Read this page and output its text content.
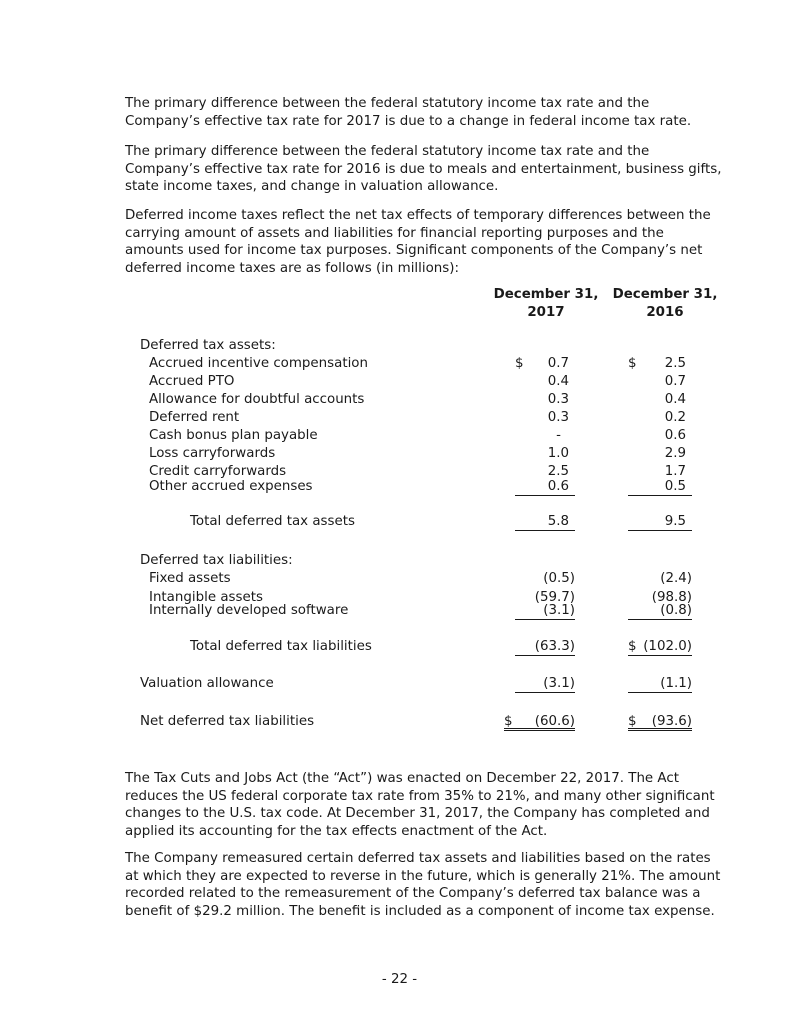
The primary difference between the federal statutory income tax rate and the Company’s effective tax rate for 2017 is due to a change in federal income tax rate.

The primary difference between the federal statutory income tax rate and the Company’s effective tax rate for 2016 is due to meals and entertainment, business gifts, state income taxes, and change in valuation allowance.

Deferred income taxes reflect the net tax effects of temporary differences between the carrying amount of assets and liabilities for financial reporting purposes and the amounts used for income tax purposes. Significant components of the Company’s net deferred income taxes are as follows (in millions):

December 31,
2017
December 31,
2016
Deferred tax assets:
Accrued incentive compensation	$ 0.7	$ 2.5
Accrued PTO	0.4	0.7
Allowance for doubtful accounts	0.3	0.4
Deferred rent	0.3	0.2
Cash bonus plan payable	-	0.6
Loss carryforwards	1.0	2.9
Credit carryforwards	2.5	1.7
Other accrued expenses	0.6	0.5
Total deferred tax assets	5.8	9.5
Deferred tax liabilities:
Fixed assets	(0.5)	(2.4)
Intangible assets	(59.7)	(98.8)
Internally developed software	(3.1)	(0.8)
Total deferred tax liabilities	(63.3)	$ (102.0)
Valuation allowance	(3.1)	(1.1)
Net deferred tax liabilities	$ (60.6)	$ (93.6)

The Tax Cuts and Jobs Act (the “Act”) was enacted on December 22, 2017. The Act reduces the US federal corporate tax rate from 35% to 21%, and many other significant changes to the U.S. tax code. At December 31, 2017, the Company has completed and applied its accounting for the tax effects enactment of the Act.

The Company remeasured certain deferred tax assets and liabilities based on the rates at which they are expected to reverse in the future, which is generally 21%. The amount recorded related to the remeasurement of the Company’s deferred tax balance was a benefit of $29.2 million. The benefit is included as a component of income tax expense.

- 22 -
